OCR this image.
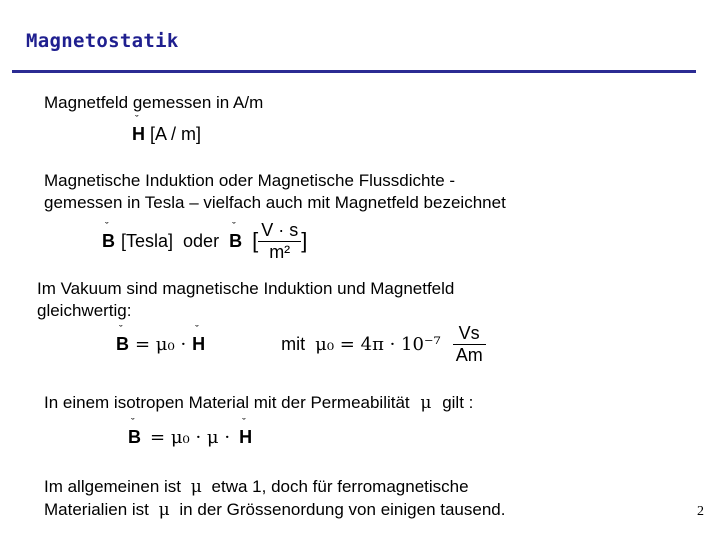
Magnetostatik
Magnetfeld gemessen in A/m
ˇ
H [A / m]
Magnetische Induktion oder Magnetische Flussdichte -
gemessen in Tesla – vielfach auch mit Magnetfeld bezeichnet
ˇ
B [Tesla] oder
ˇ
B [ $\frac{V \cdot s}{\text{m²}}$ ]
Im Vakuum sind magnetische Induktion und Magnetfeld
gleichwertig:
ˇ
B = μ₀ ·
ˇ
H	mit $\mu_0 = 4\pi \cdot 10^{-7} \frac{Vs}{Am}$
In einem isotropen Material mit der Permeabilität μ gilt :
ˇ
B = μ₀ · μ ·
ˇ
H
Im allgemeinen ist μ etwa 1, doch für ferromagnetische
Materialien ist μ in der Grössenordung von einigen tausend.	2
